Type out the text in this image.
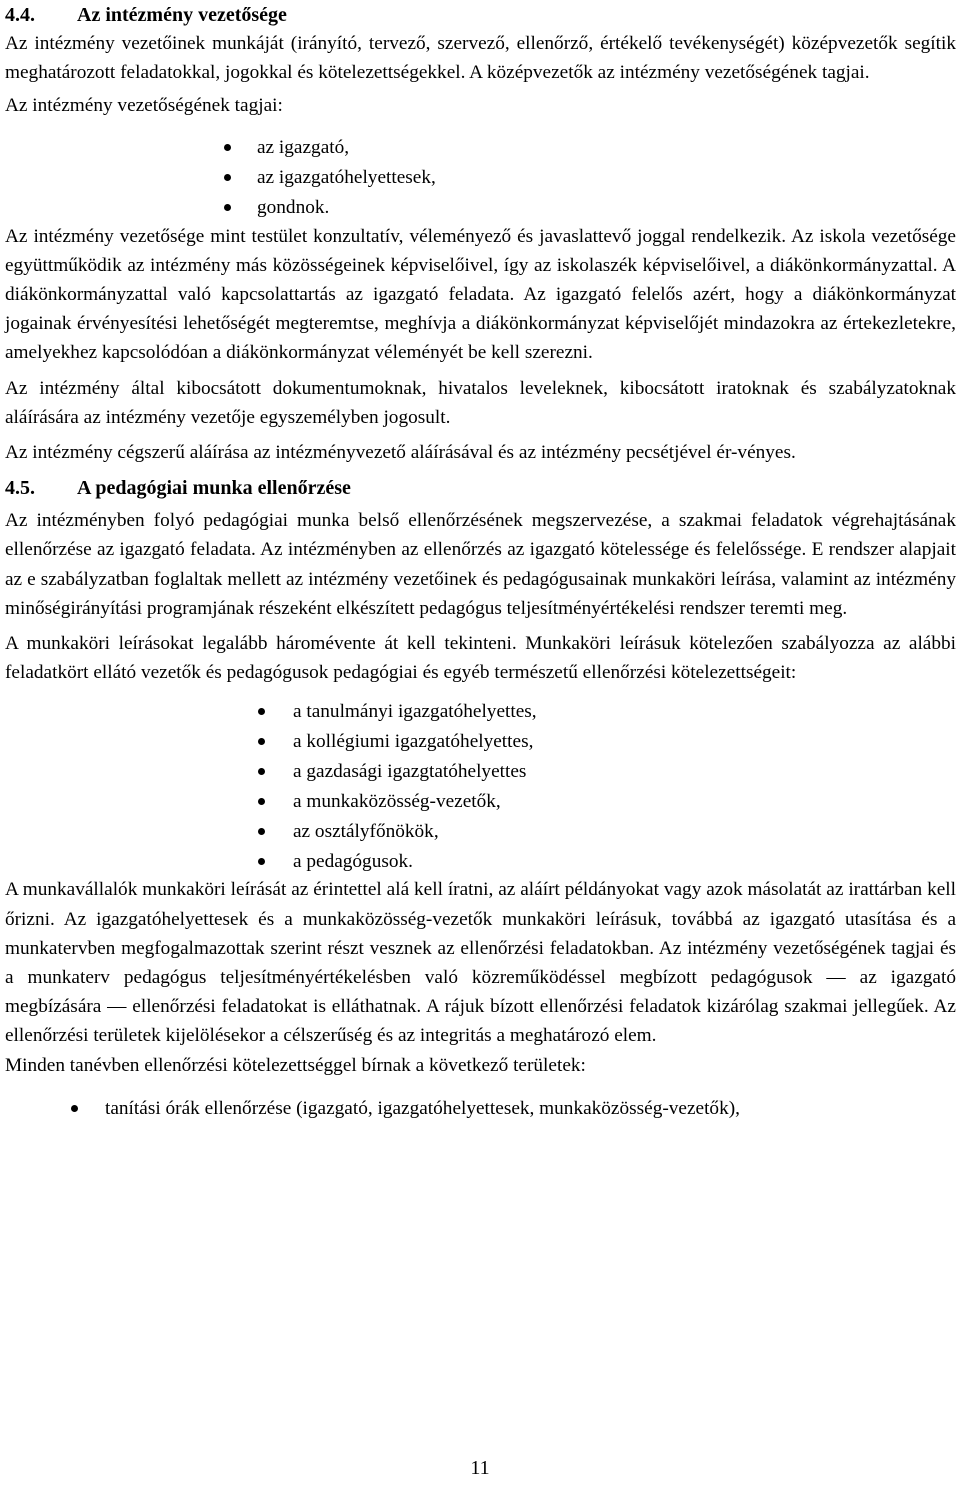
4.4. Az intézmény vezetősége

Az intézmény vezetőinek munkáját (irányító, tervező, szervező, ellenőrző, értékelő tevékenységét) középvezetők segítik meghatározott feladatokkal, jogokkal és kötelezettségekkel. A középvezetők az intézmény vezetőségének tagjai.

Az intézmény vezetőségének tagjai:

az igazgató,
az igazgatóhelyettesek,
gondnok.

Az intézmény vezetősége mint testület konzultatív, véleményező és javaslattevő joggal rendelkezik. Az iskola vezetősége együttműködik az intézmény más közösségeinek képviselőivel, így az iskolaszék képviselőivel, a diákönkormányzattal. A diákönkormányzattal való kapcsolattartás az igazgató feladata. Az igazgató felelős azért, hogy a diákönkormányzat jogainak érvényesítési lehetőségét megteremtse, meghívja a diákönkormányzat képviselőjét mindazokra az értekezletekre, amelyekhez kapcsolódóan a diákönkormányzat véleményét be kell szerezni.

Az intézmény által kibocsátott dokumentumoknak, hivatalos leveleknek, kibocsátott iratoknak és szabályzatoknak aláírására az intézmény vezetője egyszemélyben jogosult.

Az intézmény cégszerű aláírása az intézményvezető aláírásával és az intézmény pecsétjével ér-vényes.

4.5. A pedagógiai munka ellenőrzése

Az intézményben folyó pedagógiai munka belső ellenőrzésének megszervezése, a szakmai feladatok végrehajtásának ellenőrzése az igazgató feladata. Az intézményben az ellenőrzés az igazgató kötelessége és felelőssége. E rendszer alapjait az e szabályzatban foglaltak mellett az intézmény vezetőinek és pedagógusainak munkaköri leírása, valamint az intézmény minőségirányítási programjának részeként elkészített pedagógus teljesítményértékelési rendszer teremti meg.

A munkaköri leírásokat legalább háromévente át kell tekinteni. Munkaköri leírásuk kötelezően szabályozza az alábbi feladatkört ellátó vezetők és pedagógusok pedagógiai és egyéb természetű ellenőrzési kötelezettségeit:

a tanulmányi igazgatóhelyettes,
a kollégiumi igazgatóhelyettes,
a gazdasági igazgtatóhelyettes
a munkaközösség-vezetők,
az osztályfőnökök,
a pedagógusok.

A munkavállalók munkaköri leírását az érintettel alá kell íratni, az aláírt példányokat vagy azok másolatát az irattárban kell őrizni. Az igazgatóhelyettesek és a munkaközösség-vezetők munkaköri leírásuk, továbbá az igazgató utasítása és a munkatervben megfogalmazottak szerint részt vesznek az ellenőrzési feladatokban. Az intézmény vezetőségének tagjai és a munkaterv pedagógus teljesítményértékelésben való közreműködéssel megbízott pedagógusok — az igazgató megbízására — ellenőrzési feladatokat is elláthatnak. A rájuk bízott ellenőrzési feladatok kizárólag szakmai jellegűek. Az ellenőrzési területek kijelölésekor a célszerűség és az integritás a meghatározó elem.

Minden tanévben ellenőrzési kötelezettséggel bírnak a következő területek:

tanítási órák ellenőrzése (igazgató, igazgatóhelyettesek, munkaközösség-vezetők),
11
